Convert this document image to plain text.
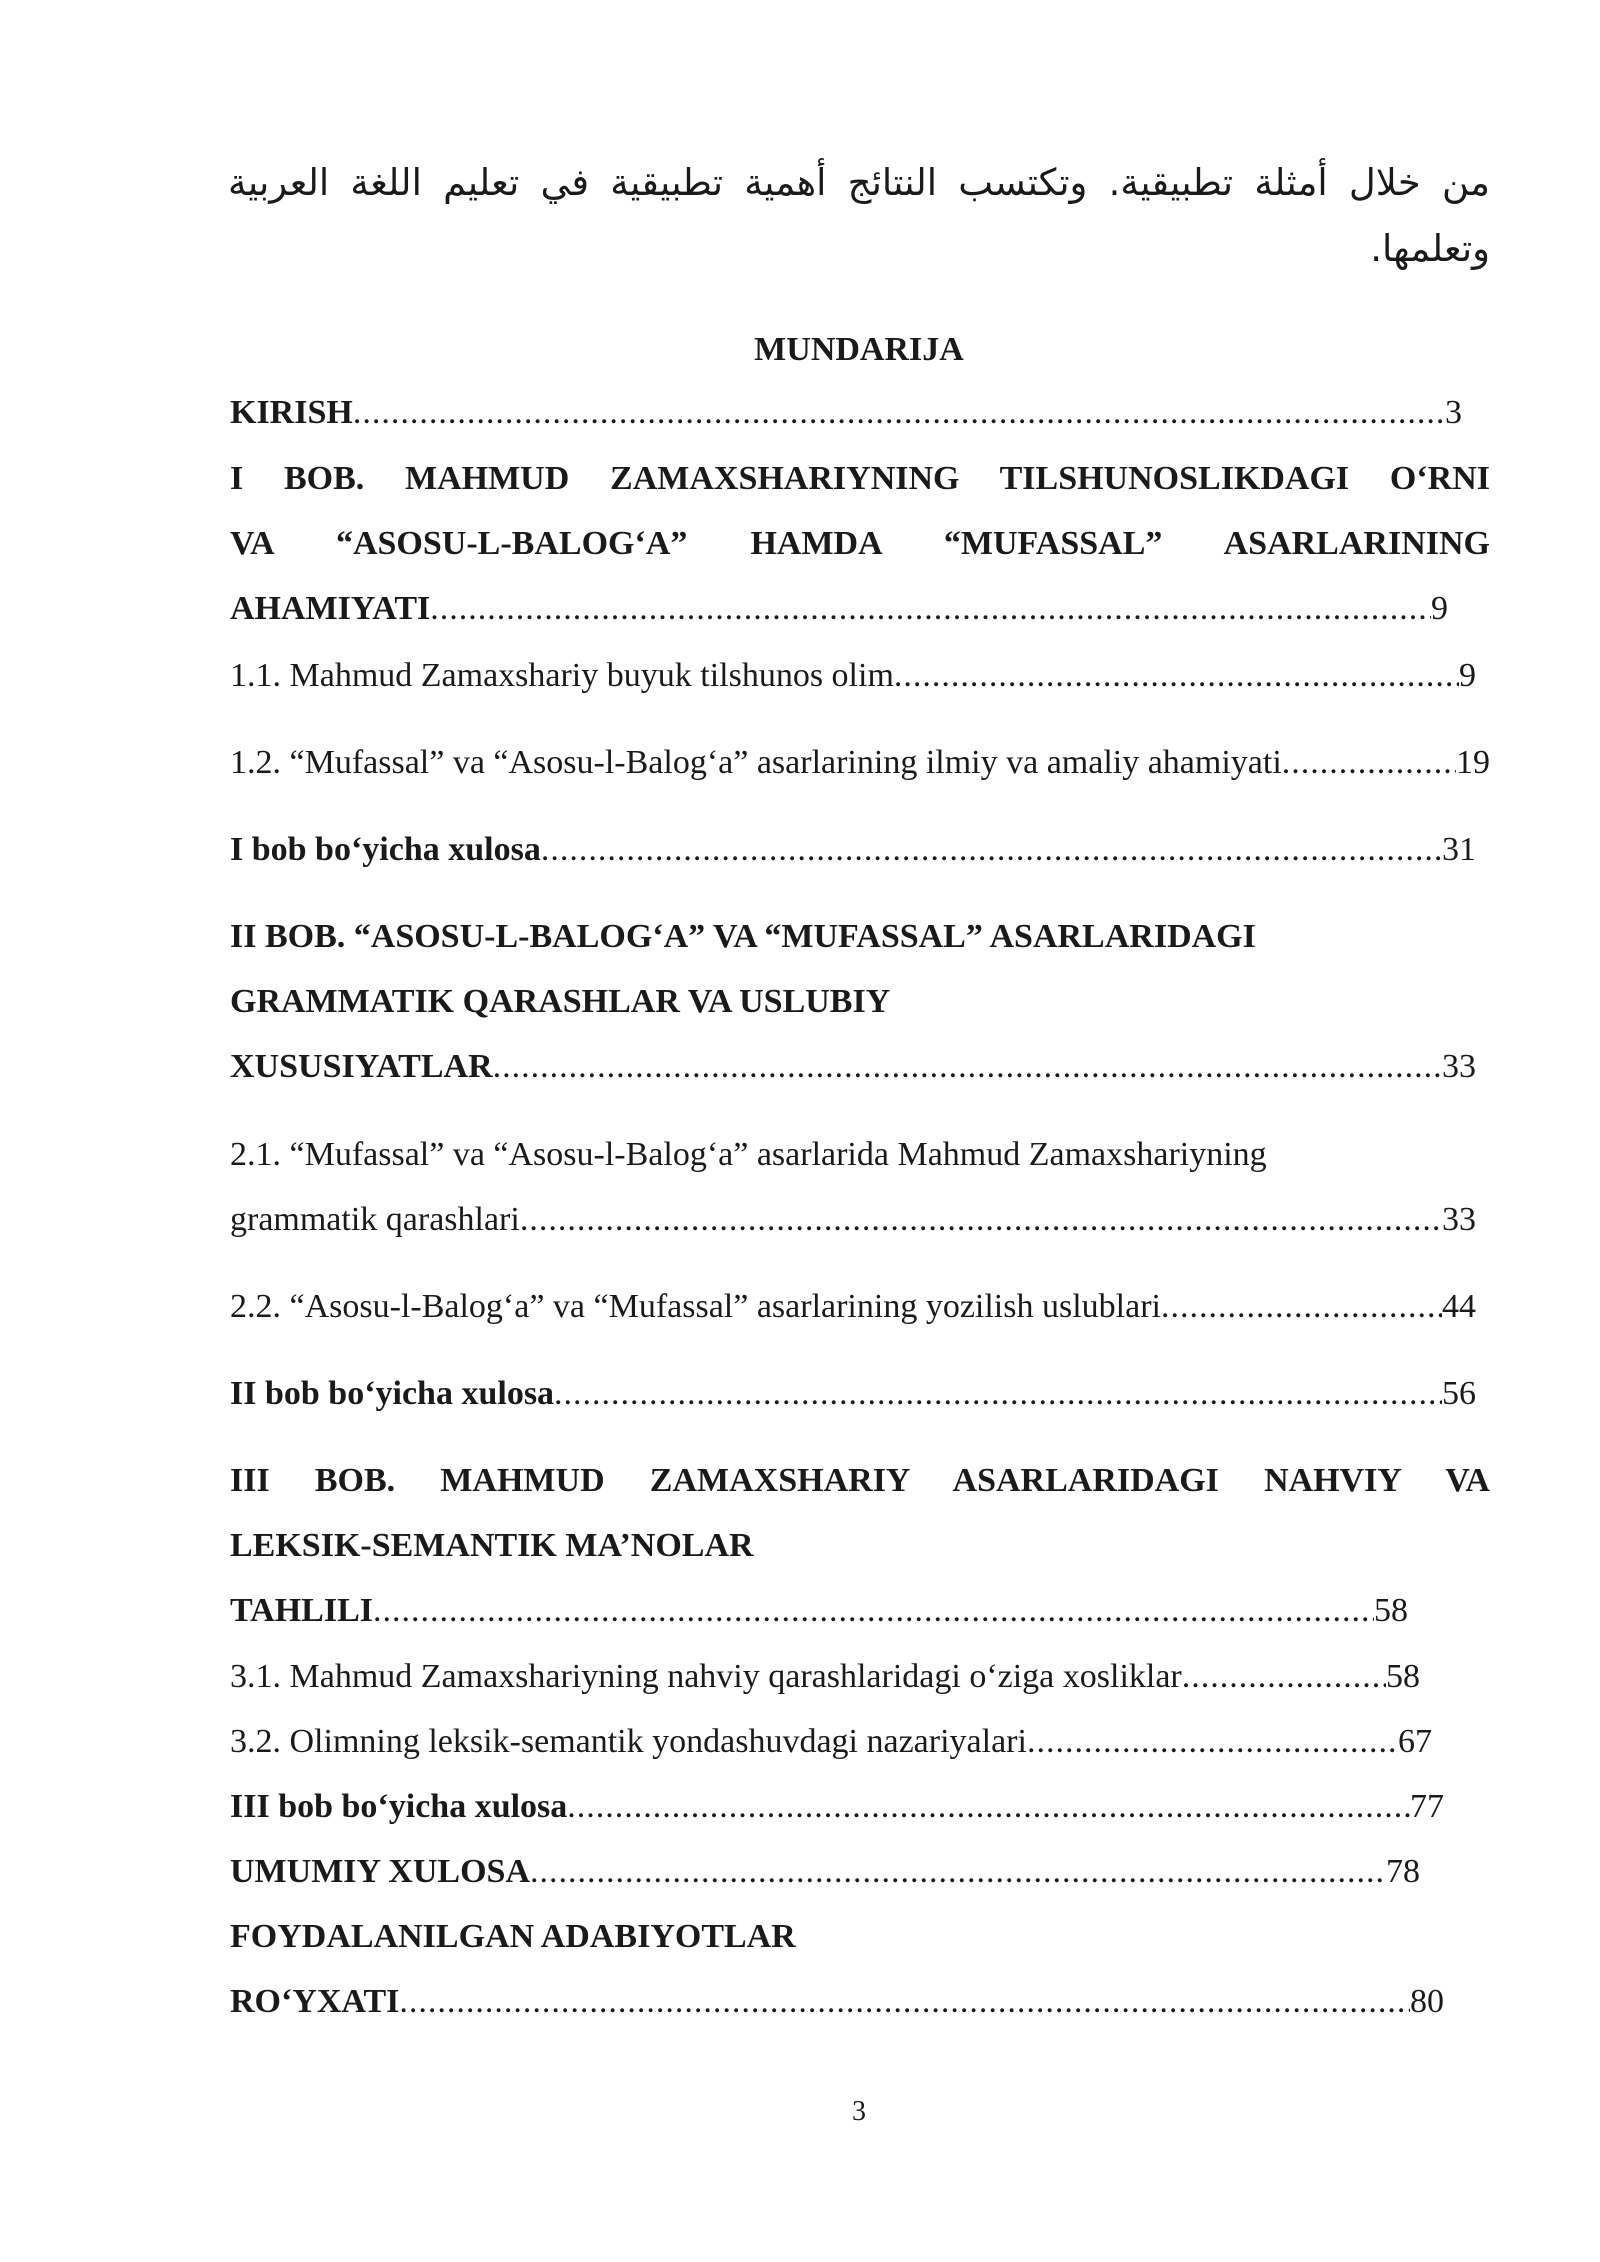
من خلال أمثلة تطبيقية. وتكتسب النتائج أهمية تطبيقية في تعليم اللغة العربية وتعلمها.
MUNDARIJA
KIRISH .....	3
I BOB. MAHMUD ZAMAXSHARIYNING TILSHUNOSLIKDAGI O‘RNI
VA “ASOSU-L-BALOG‘A” HAMDA “MUFASSAL” ASARLARINING
AHAMIYATI .....	9
1.1. Mahmud Zamaxshariy buyuk tilshunos olim .....	9
1.2. “Mufassal” va “Asosu-l-Balog‘a” asarlarining ilmiy va amaliy ahamiyati .....	19
I bob bo‘yicha xulosa .....	31
II BOB. “ASOSU-L-BALOG‘A” VA “MUFASSAL” ASARLARIDAGI
GRAMMATIK QARASHLAR VA USLUBIY
XUSUSIYATLAR .....	33
2.1. “Mufassal” va “Asosu-l-Balog‘a” asarlarida Mahmud Zamaxshariyning
grammatik qarashlari .....	33
2.2. “Asosu-l-Balog‘a” va “Mufassal” asarlarining yozilish uslublari .....	44
II bob bo‘yicha xulosa .....	56
III BOB. MAHMUD ZAMAXSHARIY ASARLARIDAGI NAHVIY VA
LEKSIK-SEMANTIK MA’NOLAR
TAHLILI .....	58
3.1. Mahmud Zamaxshariyning nahviy qarashlaridagi o‘ziga xosliklar .....	58
3.2. Olimning leksik-semantik yondashuvdagi nazariyalari .....	67
III bob bo‘yicha xulosa .....	77
UMUMIY XULOSA .....	78
FOYDALANILGAN ADABIYOTLAR
RO‘YXATI .....	80
3
